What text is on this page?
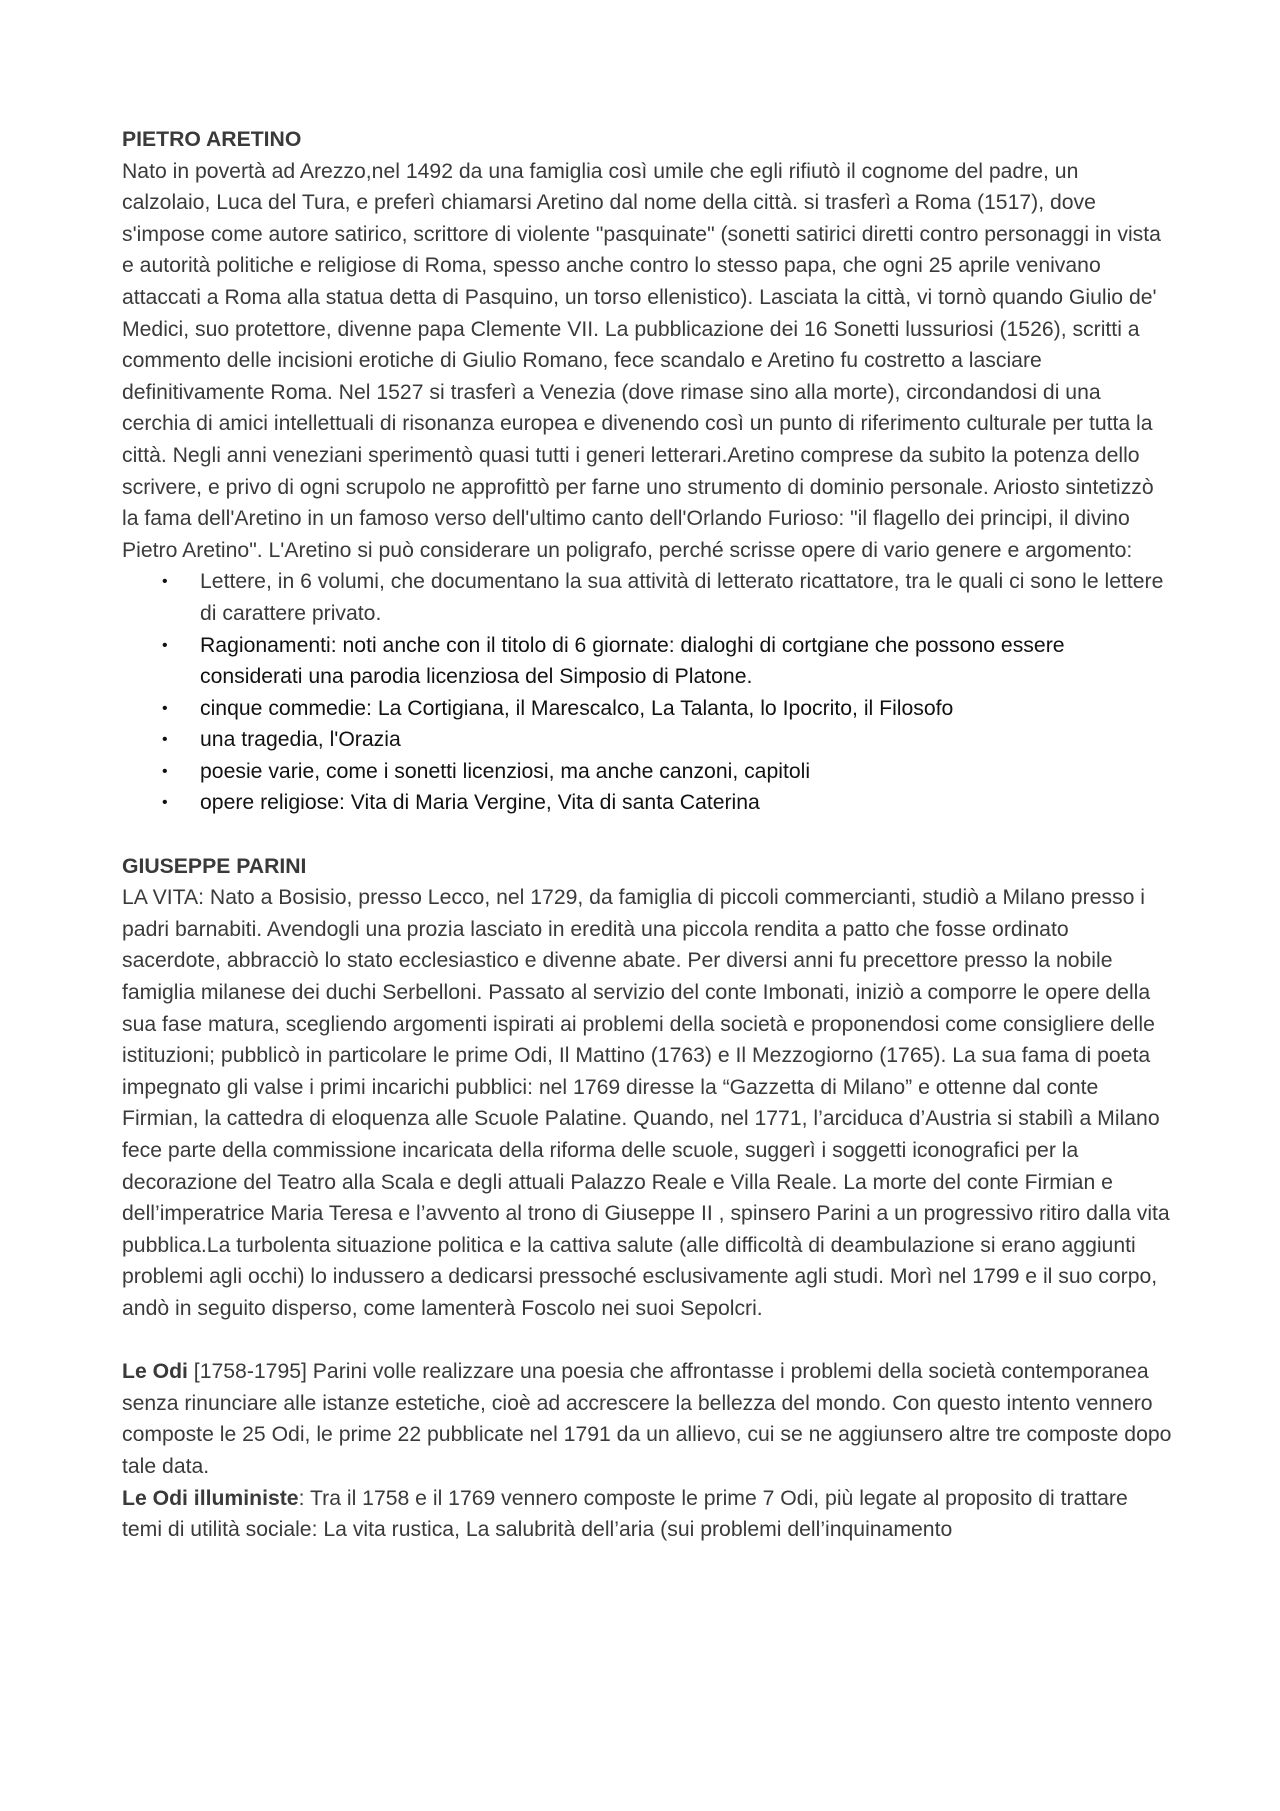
PIETRO ARETINO

Nato in povertà ad Arezzo,nel 1492 da una famiglia così umile che egli rifiutò il cognome del padre, un calzolaio, Luca del Tura, e preferì chiamarsi Aretino dal nome della città. si trasferì a Roma (1517), dove s'impose come autore satirico, scrittore di violente "pasquinate" (sonetti satirici diretti contro personaggi in vista e autorità politiche e religiose di Roma, spesso anche contro lo stesso papa, che ogni 25 aprile venivano attaccati a Roma alla statua detta di Pasquino, un torso ellenistico). Lasciata la città, vi tornò quando Giulio de' Medici, suo protettore, divenne papa Clemente VII. La pubblicazione dei 16 Sonetti lussuriosi (1526), scritti a commento delle incisioni erotiche di Giulio Romano, fece scandalo e Aretino fu costretto a lasciare definitivamente Roma. Nel 1527 si trasferì a Venezia (dove rimase sino alla morte), circondandosi di una cerchia di amici intellettuali di risonanza europea e divenendo così un punto di riferimento culturale per tutta la città. Negli anni veneziani sperimentò quasi tutti i generi letterari.Aretino comprese da subito la potenza dello scrivere, e privo di ogni scrupolo ne approfittò per farne uno strumento di dominio personale. Ariosto sintetizzò la fama dell'Aretino in un famoso verso dell'ultimo canto dell'Orlando Furioso: "il flagello dei principi, il divino Pietro Aretino". L'Aretino si può considerare un poligrafo, perché scrisse opere di vario genere e argomento:

• Lettere, in 6 volumi, che documentano la sua attività di letterato ricattatore, tra le quali ci sono le lettere di carattere privato.
• Ragionamenti: noti anche con il titolo di 6 giornate: dialoghi di cortgiane che possono essere considerati una parodia licenziosa del Simposio di Platone.
• cinque commedie: La Cortigiana, il Marescalco, La Talanta, lo Ipocrito, il Filosofo
• una tragedia, l'Orazia
• poesie varie, come i sonetti licenziosi, ma anche canzoni, capitoli
• opere religiose: Vita di Maria Vergine, Vita di santa Caterina

GIUSEPPE PARINI

LA VITA: Nato a Bosisio, presso Lecco, nel 1729, da famiglia di piccoli commercianti, studiò a Milano presso i padri barnabiti. Avendogli una prozia lasciato in eredità una piccola rendita a patto che fosse ordinato sacerdote, abbracciò lo stato ecclesiastico e divenne abate. Per diversi anni fu precettore presso la nobile famiglia milanese dei duchi Serbelloni. Passato al servizio del conte Imbonati, iniziò a comporre le opere della sua fase matura, scegliendo argomenti ispirati ai problemi della società e proponendosi come consigliere delle istituzioni; pubblicò in particolare le prime Odi, Il Mattino (1763) e Il Mezzogiorno (1765). La sua fama di poeta impegnato gli valse i primi incarichi pubblici: nel 1769 diresse la “Gazzetta di Milano” e ottenne dal conte Firmian, la cattedra di eloquenza alle Scuole Palatine. Quando, nel 1771, l’arciduca d’Austria si stabilì a Milano fece parte della commissione incaricata della riforma delle scuole, suggerì i soggetti iconografici per la decorazione del Teatro alla Scala e degli attuali Palazzo Reale e Villa Reale. La morte del conte Firmian e dell’imperatrice Maria Teresa e l’avvento al trono di Giuseppe II , spinsero Parini a un progressivo ritiro dalla vita pubblica.La turbolenta situazione politica e la cattiva salute (alle difficoltà di deambulazione si erano aggiunti problemi agli occhi) lo indussero a dedicarsi pressoché esclusivamente agli studi. Morì nel 1799 e il suo corpo, andò in seguito disperso, come lamenterà Foscolo nei suoi Sepolcri.

Le Odi [1758-1795] Parini volle realizzare una poesia che affrontasse i problemi della società contemporanea senza rinunciare alle istanze estetiche, cioè ad accrescere la bellezza del mondo. Con questo intento vennero composte le 25 Odi, le prime 22 pubblicate nel 1791 da un allievo, cui se ne aggiunsero altre tre composte dopo tale data.

Le Odi illuministe: Tra il 1758 e il 1769 vennero composte le prime 7 Odi, più legate al proposito di trattare temi di utilità sociale: La vita rustica, La salubrità dell’aria (sui problemi dell’inquinamento
